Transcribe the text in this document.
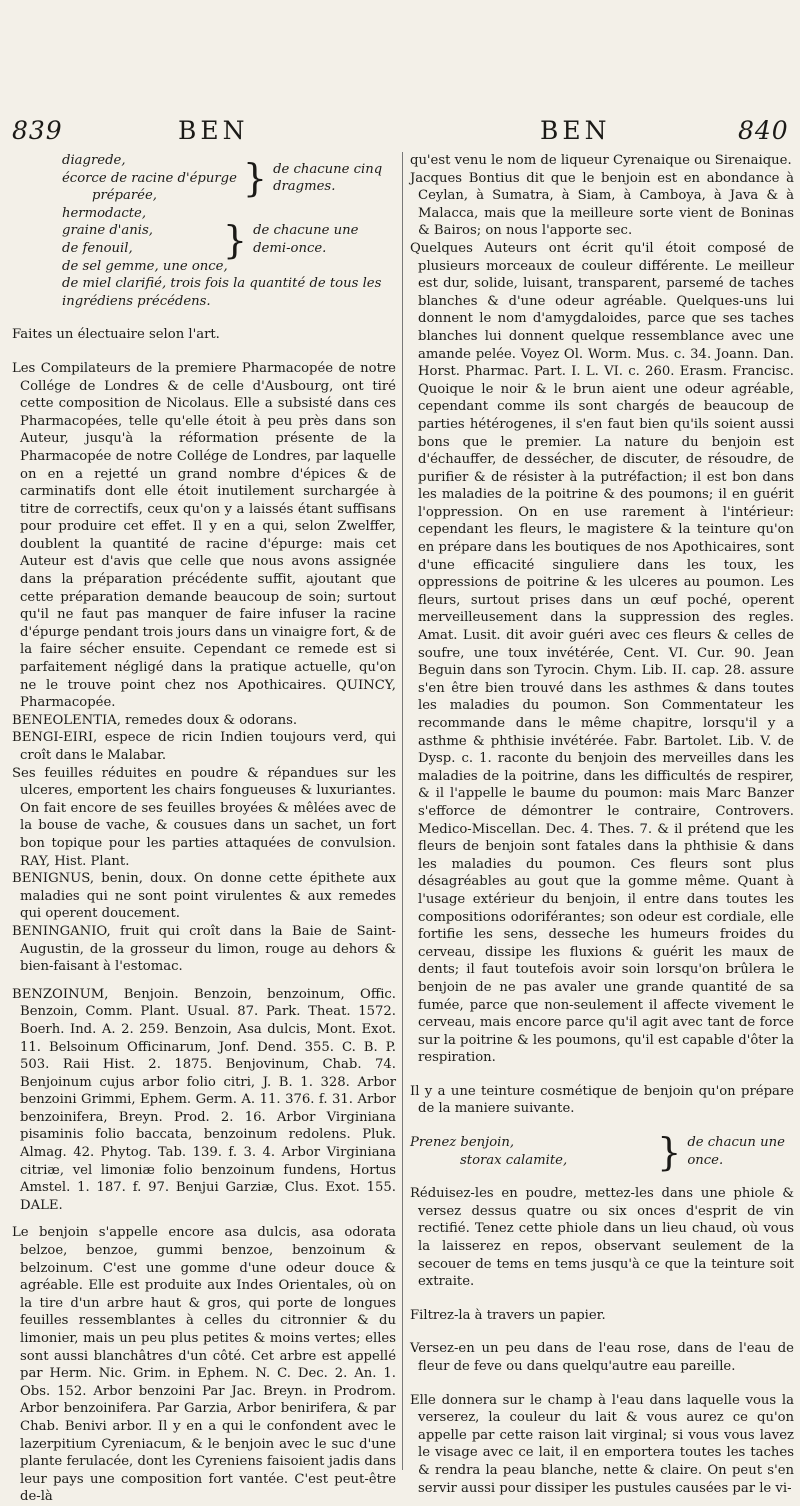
839	BEN	BEN	840
diagrede,
écorce de racine d'épurge
préparée,	} de chacune cinq dragmes.
hermodacte,
graine d'anis,
de fenouil,	} de chacune une demi-once.
de sel gemme, une once,
de miel clarifié, trois fois la quantité de tous les ingrédiens précédens.

Faites un électuaire selon l'art.

Les Compilateurs de la premiere Pharmacopée de notre Collége de Londres & de celle d'Ausbourg, ont tiré cette composition de Nicolaus. Elle a subsisté dans ces Pharmacopées, telle qu'elle étoit à peu près dans son Auteur, jusqu'à la réformation présente de la Pharmacopée de notre Collége de Londres, par laquelle on en a rejetté un grand nombre d'épices & de carminatifs dont elle étoit inutilement surchargée à titre de correctifs, ceux qu'on y a laissés étant suffisans pour produire cet effet. Il y en a qui, selon Zwelffer, doublent la quantité de racine d'épurge: mais cet Auteur est d'avis que celle que nous avons assignée dans la préparation précédente suffit, ajoutant que cette préparation demande beaucoup de soin; surtout qu'il ne faut pas manquer de faire infuser la racine d'épurge pendant trois jours dans un vinaigre fort, & de la faire sécher ensuite. Cependant ce remede est si parfaitement négligé dans la pratique actuelle, qu'on ne le trouve point chez nos Apothicaires. QUINCY, Pharmacopée.

BENEOLENTIA, remedes doux & odorans.

BENGI-EIRI, espece de ricin Indien toujours verd, qui croît dans le Malabar.

Ses feuilles réduites en poudre & répandues sur les ulceres, emportent les chairs fongueuses & luxuriantes. On fait encore de ses feuilles broyées & mêlées avec de la bouse de vache, & cousues dans un sachet, un fort bon topique pour les parties attaquées de convulsion. RAY, Hist. Plant.

BENIGNUS, benin, doux. On donne cette épithete aux maladies qui ne sont point virulentes & aux remedes qui operent doucement.

BENINGANIO, fruit qui croît dans la Baie de Saint-Augustin, de la grosseur du limon, rouge au dehors & bien-faisant à l'estomac.

BENZOINUM, Benjoin. Benzoin, benzoinum, Offic. Benzoin, Comm. Plant. Usual. 87. Park. Theat. 1572. Boerh. Ind. A. 2. 259. Benzoin, Asa dulcis, Mont. Exot. 11. Belsoinum Officinarum, Jonf. Dend. 355. C. B. P. 503. Raii Hist. 2. 1875. Benjovinum, Chab. 74. Benjoinum cujus arbor folio citri, J. B. 1. 328. Arbor benzoini Grimmi, Ephem. Germ. A. 11. 376. f. 31. Arbor benzoinifera, Breyn. Prod. 2. 16. Arbor Virginiana pisaminis folio baccata, benzoinum redolens. Pluk. Almag. 42. Phytog. Tab. 139. f. 3. 4. Arbor Virginiana citriæ, vel limoniæ folio benzoinum fundens, Hortus Amstel. 1. 187. f. 97. Benjui Garziæ, Clus. Exot. 155. DALE.

Le benjoin s'appelle encore asa dulcis, asa odorata belzoe, benzoe, gummi benzoe, benzoinum & belzoinum. C'est une gomme d'une odeur douce & agréable. Elle est produite aux Indes Orientales, où on la tire d'un arbre haut & gros, qui porte de longues feuilles ressemblantes à celles du citronnier & du limonier, mais un peu plus petites & moins vertes; elles sont aussi blanchâtres d'un côté. Cet arbre est appellé par Herm. Nic. Grim. in Ephem. N. C. Dec. 2. An. 1. Obs. 152. Arbor benzoini Par Jac. Breyn. in Prodrom. Arbor benzoinifera. Par Garzia, Arbor benirifera, & par Chab. Benivi arbor. Il y en a qui le confondent avec le lazerpitium Cyreniacum, & le benjoin avec le suc d'une plante ferulacée, dont les Cyreniens faisoient jadis dans leur pays une composition fort vantée. C'est peut-être de-là

qu'est venu le nom de liqueur Cyrenaique ou Sirenaique.

Jacques Bontius dit que le benjoin est en abondance à Ceylan, à Sumatra, à Siam, à Camboya, à Java & à Malacca, mais que la meilleure sorte vient de Boninas & Bairos; on nous l'apporte sec.

Quelques Auteurs ont écrit qu'il étoit composé de plusieurs morceaux de couleur différente. Le meilleur est dur, solide, luisant, transparent, parsemé de taches blanches & d'une odeur agréable. Quelques-uns lui donnent le nom d'amygdaloides, parce que ses taches blanches lui donnent quelque ressemblance avec une amande pelée. Voyez Ol. Worm. Mus. c. 34. Joann. Dan. Horst. Pharmac. Part. I. L. VI. c. 260. Erasm. Francisc. Quoique le noir & le brun aient une odeur agréable, cependant comme ils sont chargés de beaucoup de parties hétérogenes, il s'en faut bien qu'ils soient aussi bons que le premier. La nature du benjoin est d'échauffer, de dessécher, de discuter, de résoudre, de purifier & de résister à la putréfaction; il est bon dans les maladies de la poitrine & des poumons; il en guérit l'oppression. On en use rarement à l'intérieur: cependant les fleurs, le magistere & la teinture qu'on en prépare dans les boutiques de nos Apothicaires, sont d'une efficacité singuliere dans les toux, les oppressions de poitrine & les ulceres au poumon. Les fleurs, surtout prises dans un œuf poché, operent merveilleusement dans la suppression des regles. Amat. Lusit. dit avoir guéri avec ces fleurs & celles de soufre, une toux invétérée, Cent. VI. Cur. 90. Jean Beguin dans son Tyrocin. Chym. Lib. II. cap. 28. assure s'en être bien trouvé dans les asthmes & dans toutes les maladies du poumon. Son Commentateur les recommande dans le même chapitre, lorsqu'il y a asthme & phthisie invétérée. Fabr. Bartolet. Lib. V. de Dysp. c. 1. raconte du benjoin des merveilles dans les maladies de la poitrine, dans les difficultés de respirer, & il l'appelle le baume du poumon: mais Marc Banzer s'efforce de démontrer le contraire, Controvers. Medico-Miscellan. Dec. 4. Thes. 7. & il prétend que les fleurs de benjoin sont fatales dans la phthisie & dans les maladies du poumon. Ces fleurs sont plus désagréables au gout que la gomme même. Quant à l'usage extérieur du benjoin, il entre dans toutes les compositions odoriférantes; son odeur est cordiale, elle fortifie les sens, desseche les humeurs froides du cerveau, dissipe les fluxions & guérit les maux de dents; il faut toutefois avoir soin lorsqu'on brûlera le benjoin de ne pas avaler une grande quantité de sa fumée, parce que non-seulement il affecte vivement le cerveau, mais encore parce qu'il agit avec tant de force sur la poitrine & les poumons, qu'il est capable d'ôter la respiration.

Il y a une teinture cosmétique de benjoin qu'on prépare de la maniere suivante.

Prenez benjoin,
storax calamite,	} de chacun une once.

Réduisez-les en poudre, mettez-les dans une phiole & versez dessus quatre ou six onces d'esprit de vin rectifié. Tenez cette phiole dans un lieu chaud, où vous la laisserez en repos, observant seulement de la secouer de tems en tems jusqu'à ce que la teinture soit extraite.

Filtrez-la à travers un papier.

Versez-en un peu dans de l'eau rose, dans de l'eau de fleur de feve ou dans quelqu'autre eau pareille.

Elle donnera sur le champ à l'eau dans laquelle vous la verserez, la couleur du lait & vous aurez ce qu'on appelle par cette raison lait virginal; si vous vous lavez le visage avec ce lait, il en emportera toutes les taches & rendra la peau blanche, nette & claire. On peut s'en servir aussi pour dissiper les pustules causées par le vi-
